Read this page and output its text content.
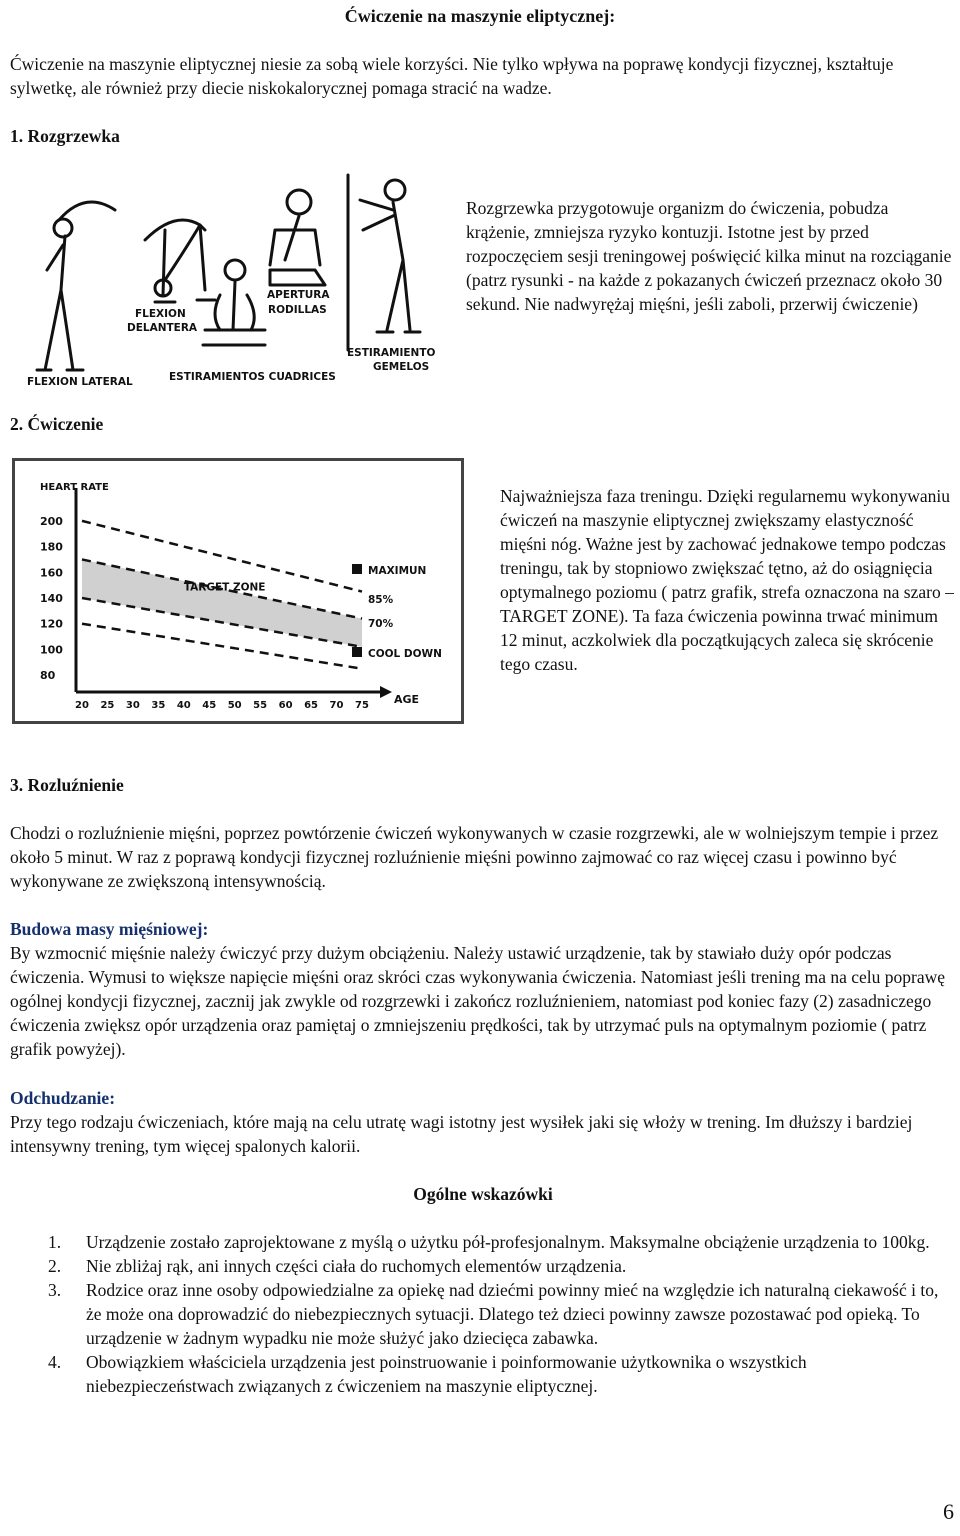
Ćwiczenie na maszynie eliptycznej:

Ćwiczenie na maszynie eliptycznej niesie za sobą wiele korzyści. Nie tylko wpływa na poprawę kondycji fizycznej, kształtuje sylwetkę, ale również przy diecie niskokalorycznej pomaga stracić na wadze.

1. Rozgrzewka
FLEXION LATERAL
FLEXION
DELANTERA
ESTIRAMIENTOS CUADRICES
APERTURA
RODILLAS
ESTIRAMIENTO
GEMELOS

Rozgrzewka przygotowuje organizm do ćwiczenia, pobudza krążenie, zmniejsza ryzyko kontuzji. Istotne jest by przed rozpoczęciem sesji treningowej poświęcić kilka minut na rozciąganie (patrz rysunki - na każde z pokazanych ćwiczeń przeznacz około 30 sekund. Nie nadwyrężaj mięśni, jeśli zaboli, przerwij ćwiczenie)

2. Ćwiczenie
HEART RATE
AGE
200
180
160
140
120
100
80
20 25 30 35 40 45 50 55 60 65 70 75
MAXIMUN
85%
70%
COOL DOWN
TARGET ZONE

Najważniejsza faza treningu. Dzięki regularnemu wykonywaniu ćwiczeń na maszynie eliptycznej zwiększamy elastyczność mięśni nóg. Ważne jest by zachować jednakowe tempo podczas treningu, tak by stopniowo zwiększać tętno, aż do osiągnięcia optymalnego poziomu ( patrz grafik, strefa oznaczona na szaro – TARGET ZONE). Ta faza ćwiczenia powinna trwać minimum 12 minut, aczkolwiek dla początkujących zaleca się skrócenie tego czasu.

3. Rozluźnienie

Chodzi o rozluźnienie mięśni, poprzez powtórzenie ćwiczeń wykonywanych w czasie rozgrzewki, ale w wolniejszym tempie i przez około 5 minut. W raz z poprawą kondycji fizycznej rozluźnienie mięśni powinno zajmować co raz więcej czasu i powinno być wykonywane ze zwiększoną intensywnością.

Budowa masy mięśniowej:

By wzmocnić mięśnie należy ćwiczyć przy dużym obciążeniu. Należy ustawić urządzenie, tak by stawiało duży opór podczas ćwiczenia. Wymusi to większe napięcie mięśni oraz skróci czas wykonywania ćwiczenia. Natomiast jeśli trening ma na celu poprawę ogólnej kondycji fizycznej, zacznij jak zwykle od rozgrzewki i zakończ rozluźnieniem, natomiast pod koniec fazy (2) zasadniczego ćwiczenia zwiększ opór urządzenia oraz pamiętaj o zmniejszeniu prędkości, tak by utrzymać puls na optymalnym poziomie ( patrz grafik powyżej).

Odchudzanie:

Przy tego rodzaju ćwiczeniach, które mają na celu utratę wagi istotny jest wysiłek jaki się włoży w trening. Im dłuższy i bardziej intensywny trening, tym więcej spalonych kalorii.

Ogólne wskazówki
1. Urządzenie zostało zaprojektowane z myślą o użytku pół-profesjonalnym. Maksymalne obciążenie urządzenia to 100kg.
2. Nie zbliżaj rąk, ani innych części ciała do ruchomych elementów urządzenia.
3. Rodzice oraz inne osoby odpowiedzialne za opiekę nad dziećmi powinny mieć na względzie ich naturalną ciekawość i to, że może ona doprowadzić do niebezpiecznych sytuacji. Dlatego też dzieci powinny zawsze pozostawać pod opieką. To urządzenie w żadnym wypadku nie może służyć jako dziecięca zabawka.
4. Obowiązkiem właściciela urządzenia jest poinstruowanie i poinformowanie użytkownika o wszystkich niebezpieczeństwach związanych z ćwiczeniem na maszynie eliptycznej.
6
